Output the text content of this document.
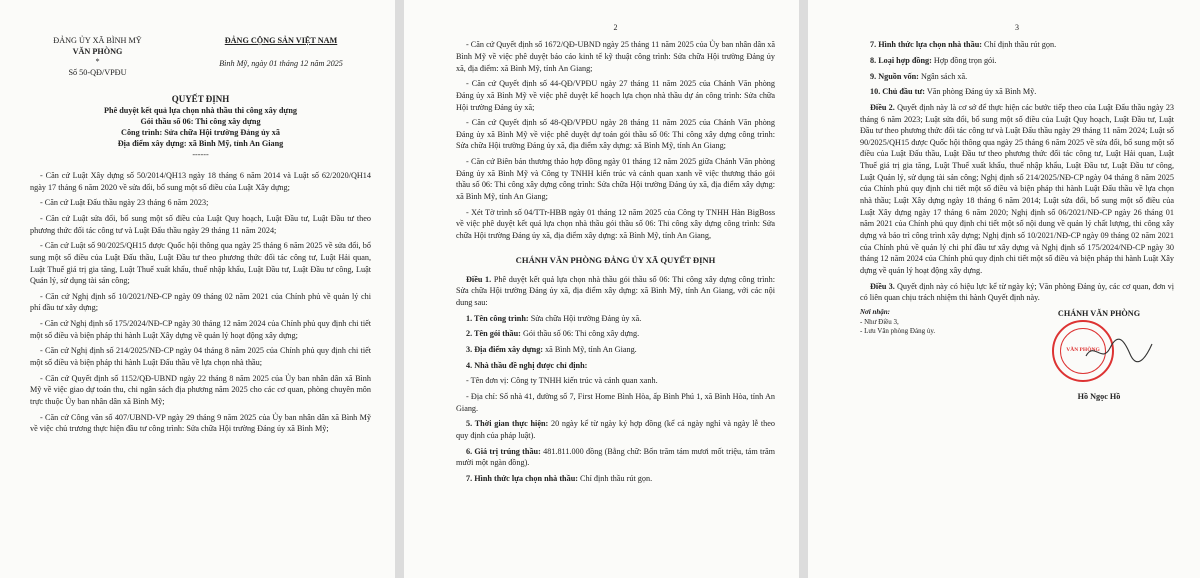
ĐẢNG ỦY XÃ BÌNH MỸ
VĂN PHÒNG
*
Số 50-QĐ/VPĐU
ĐẢNG CỘNG SẢN VIỆT NAM
Bình Mỹ, ngày 01 tháng 12 năm 2025
QUYẾT ĐỊNH
Phê duyệt kết quả lựa chọn nhà thầu thi công xây dựng
Gói thầu số 06: Thi công xây dựng
Công trình: Sửa chữa Hội trường Đảng ủy xã
Địa điểm xây dựng: xã Bình Mỹ, tỉnh An Giang
------

- Căn cứ Luật Xây dựng số 50/2014/QH13 ngày 18 tháng 6 năm 2014 và Luật số 62/2020/QH14 ngày 17 tháng 6 năm 2020 về sửa đổi, bổ sung một số điều của Luật Xây dựng;

- Căn cứ Luật Đấu thầu ngày 23 tháng 6 năm 2023;

- Căn cứ Luật sửa đổi, bổ sung một số điều của Luật Quy hoạch, Luật Đầu tư, Luật Đầu tư theo phương thức đối tác công tư và Luật Đấu thầu ngày 29 tháng 11 năm 2024;

- Căn cứ Luật số 90/2025/QH15 được Quốc hội thông qua ngày 25 tháng 6 năm 2025 về sửa đổi, bổ sung một số điều của Luật Đấu thầu, Luật Đầu tư theo phương thức đối tác công tư, Luật Hải quan, Luật Thuế giá trị gia tăng, Luật Thuế xuất khẩu, thuế nhập khẩu, Luật Đầu tư, Luật Đầu tư công, Luật Quản lý, sử dụng tài sản công;

- Căn cứ Nghị định số 10/2021/NĐ-CP ngày 09 tháng 02 năm 2021 của Chính phủ về quản lý chi phí đầu tư xây dựng;

- Căn cứ Nghị định số 175/2024/NĐ-CP ngày 30 tháng 12 năm 2024 của Chính phủ quy định chi tiết một số điều và biện pháp thi hành Luật Xây dựng về quản lý hoạt động xây dựng;

- Căn cứ Nghị định số 214/2025/NĐ-CP ngày 04 tháng 8 năm 2025 của Chính phủ quy định chi tiết một số điều và biện pháp thi hành Luật Đấu thầu về lựa chọn nhà thầu;

- Căn cứ Quyết định số 1152/QĐ-UBND ngày 22 tháng 8 năm 2025 của Ủy ban nhân dân xã Bình Mỹ về việc giao dự toán thu, chi ngân sách địa phương năm 2025 cho các cơ quan, phòng chuyên môn trực thuộc Ủy ban nhân dân xã Bình Mỹ;

- Căn cứ Công văn số 407/UBND-VP ngày 29 tháng 9 năm 2025 của Ủy ban nhân dân xã Bình Mỹ về việc chủ trương thực hiện đầu tư công trình: Sửa chữa Hội trường Đảng ủy xã Bình Mỹ;

2

- Căn cứ Quyết định số 1672/QĐ-UBND ngày 25 tháng 11 năm 2025 của Ủy ban nhân dân xã Bình Mỹ về việc phê duyệt báo cáo kinh tế kỹ thuật công trình: Sửa chữa Hội trường Đảng ủy xã, địa điểm: xã Bình Mỹ, tỉnh An Giang;

- Căn cứ Quyết định số 44-QĐ/VPĐU ngày 27 tháng 11 năm 2025 của Chánh Văn phòng Đảng ủy xã Bình Mỹ về việc phê duyệt kế hoạch lựa chọn nhà thầu dự án công trình: Sửa chữa Hội trường Đảng ủy xã;

- Căn cứ Quyết định số 48-QĐ/VPĐU ngày 28 tháng 11 năm 2025 của Chánh Văn phòng Đảng ủy xã Bình Mỹ về việc phê duyệt dự toán gói thầu số 06: Thi công xây dựng công trình: Sửa chữa Hội trường Đảng ủy xã, địa điểm xây dựng: xã Bình Mỹ, tỉnh An Giang;

- Căn cứ Biên bản thương thảo hợp đồng ngày 01 tháng 12 năm 2025 giữa Chánh Văn phòng Đảng ủy xã Bình Mỹ và Công ty TNHH kiến trúc và cảnh quan xanh về việc thương thảo gói thầu số 06: Thi công xây dựng công trình: Sửa chữa Hội trường Đảng ủy xã, địa điểm xây dựng: xã Bình Mỹ, tỉnh An Giang;

- Xét Tờ trình số 04/TTr-HBB ngày 01 tháng 12 năm 2025 của Công ty TNHH Hàn BigBoss về việc phê duyệt kết quả lựa chọn nhà thầu gói thầu số 06: Thi công xây dựng công trình: Sửa chữa Hội trường Đảng ủy xã, địa điểm xây dựng: xã Bình Mỹ, tỉnh An Giang,

CHÁNH VĂN PHÒNG ĐẢNG ỦY XÃ QUYẾT ĐỊNH

Điều 1. Phê duyệt kết quả lựa chọn nhà thầu gói thầu số 06: Thi công xây dựng công trình: Sửa chữa Hội trường Đảng ủy xã, địa điểm xây dựng: xã Bình Mỹ, tỉnh An Giang, với các nội dung sau:

1. Tên công trình: Sửa chữa Hội trường Đảng ủy xã.

2. Tên gói thầu: Gói thầu số 06: Thi công xây dựng.

3. Địa điểm xây dựng: xã Bình Mỹ, tỉnh An Giang.

4. Nhà thầu đề nghị được chỉ định:

- Tên đơn vị: Công ty TNHH kiến trúc và cảnh quan xanh.

- Địa chỉ: Số nhà 41, đường số 7, First Home Bình Hòa, ấp Bình Phú 1, xã Bình Hòa, tỉnh An Giang.

5. Thời gian thực hiện: 20 ngày kể từ ngày ký hợp đồng (kể cả ngày nghỉ và ngày lễ theo quy định của pháp luật).

6. Giá trị trúng thầu: 481.811.000 đồng (Bằng chữ: Bốn trăm tám mươi mốt triệu, tám trăm mười một ngàn đồng).

7. Hình thức lựa chọn nhà thầu: Chỉ định thầu rút gọn.

3

7. Hình thức lựa chọn nhà thầu: Chỉ định thầu rút gọn.

8. Loại hợp đồng: Hợp đồng trọn gói.

9. Nguồn vốn: Ngân sách xã.

10. Chủ đầu tư: Văn phòng Đảng ủy xã Bình Mỹ.

Điều 2. Quyết định này là cơ sở để thực hiện các bước tiếp theo của Luật Đấu thầu ngày 23 tháng 6 năm 2023; Luật sửa đổi, bổ sung một số điều của Luật Quy hoạch, Luật Đầu tư, Luật Đầu tư theo phương thức đối tác công tư và Luật Đấu thầu ngày 29 tháng 11 năm 2024; Luật số 90/2025/QH15 được Quốc hội thông qua ngày 25 tháng 6 năm 2025 về sửa đổi, bổ sung một số điều của Luật Đấu thầu, Luật Đầu tư theo phương thức đối tác công tư, Luật Hải quan, Luật Thuế giá trị gia tăng, Luật Thuế xuất khẩu, thuế nhập khẩu, Luật Đầu tư, Luật Đầu tư công, Luật Quản lý, sử dụng tài sản công; Nghị định số 214/2025/NĐ-CP ngày 04 tháng 8 năm 2025 của Chính phủ quy định chi tiết một số điều và biện pháp thi hành Luật Đấu thầu về lựa chọn nhà thầu; Luật Xây dựng ngày 18 tháng 6 năm 2014; Luật sửa đổi, bổ sung một số điều của Luật Xây dựng ngày 17 tháng 6 năm 2020; Nghị định số 06/2021/NĐ-CP ngày 26 tháng 01 năm 2021 của Chính phủ quy định chi tiết một số nội dung về quản lý chất lượng, thi công xây dựng và bảo trì công trình xây dựng; Nghị định số 10/2021/NĐ-CP ngày 09 tháng 02 năm 2021 của Chính phủ về quản lý chi phí đầu tư xây dựng và Nghị định số 175/2024/NĐ-CP ngày 30 tháng 12 năm 2024 của Chính phủ quy định chi tiết một số điều và biện pháp thi hành Luật Xây dựng về quản lý hoạt động xây dựng.

Điều 3. Quyết định này có hiệu lực kể từ ngày ký; Văn phòng Đảng ủy, các cơ quan, đơn vị có liên quan chịu trách nhiệm thi hành Quyết định này.

Nơi nhận:
- Như Điều 3,
- Lưu Văn phòng Đảng ủy.
CHÁNH VĂN PHÒNG
VĂN PHÒNG
Hồ Ngọc Hồ
